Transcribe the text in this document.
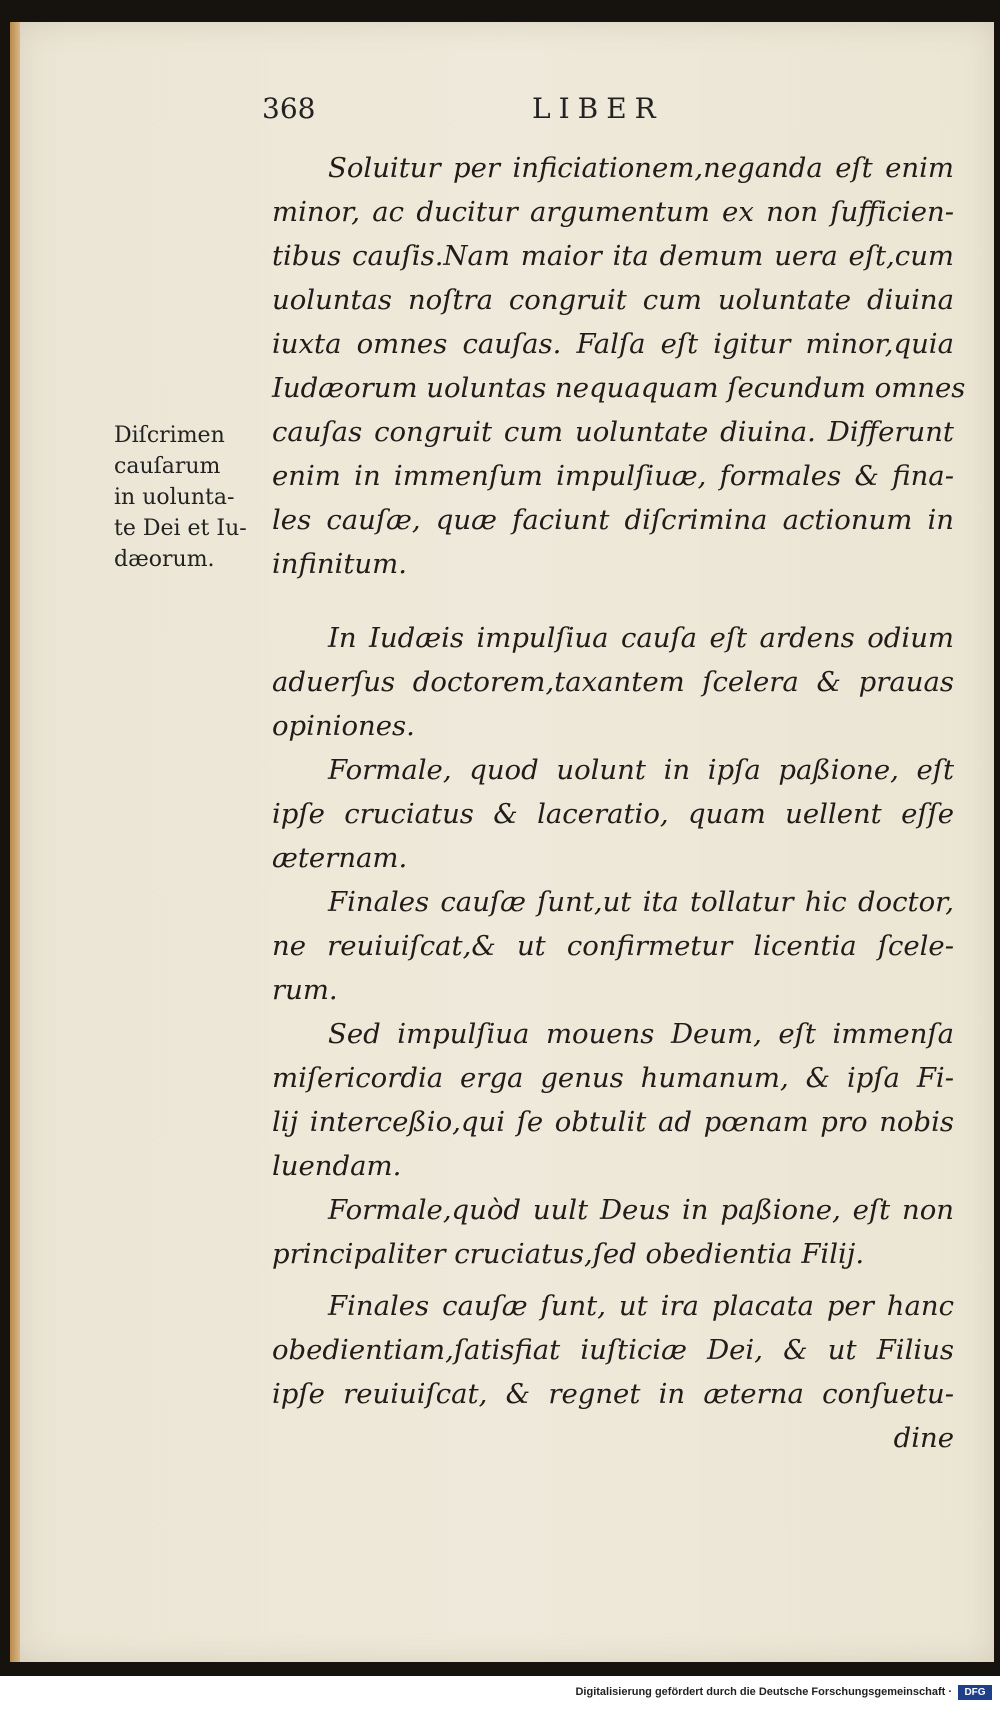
368	LIBER
Diſcrimen
cauſarum
in uolunta-
te Dei et Iu-
dæorum.
Soluitur per inficiationem,neganda eſt enim
minor, ac ducitur argumentum ex non ſufficien-
tibus cauſis.Nam maior ita demum uera eſt,cum
uoluntas noſtra congruit cum uoluntate diuina
iuxta omnes cauſas. Falſa eſt igitur minor,quia
Iudæorum uoluntas nequaquam ſecundum omnes
cauſas congruit cum uoluntate diuina. Differunt
enim in immenſum impulſiuæ, formales & fina-
les cauſæ, quæ faciunt diſcrimina actionum in
infinitum.
In Iudæis impulſiua cauſa eſt ardens odium
aduerſus doctorem,taxantem ſcelera & prauas
opiniones.
Formale, quod uolunt in ipſa paßione, eſt
ipſe cruciatus & laceratio, quam uellent eſſe
æternam.
Finales cauſæ ſunt,ut ita tollatur hic doctor,
ne reuiuiſcat,& ut confirmetur licentia ſcele-
rum.
Sed impulſiua mouens Deum, eſt immenſa
miſericordia erga genus humanum, & ipſa Fi-
lij interceßio,qui ſe obtulit ad pœnam pro nobis
luendam.
Formale,quòd uult Deus in paßione, eſt non
principaliter cruciatus,ſed obedientia Filij.
Finales cauſæ ſunt, ut ira placata per hanc
obedientiam,ſatisfiat iuſticiæ Dei, & ut Filius
ipſe reuiuiſcat, & regnet in æterna conſuetu-
dine
Digitalisierung gefördert durch die Deutsche Forschungsgemeinschaft ·	DFG
